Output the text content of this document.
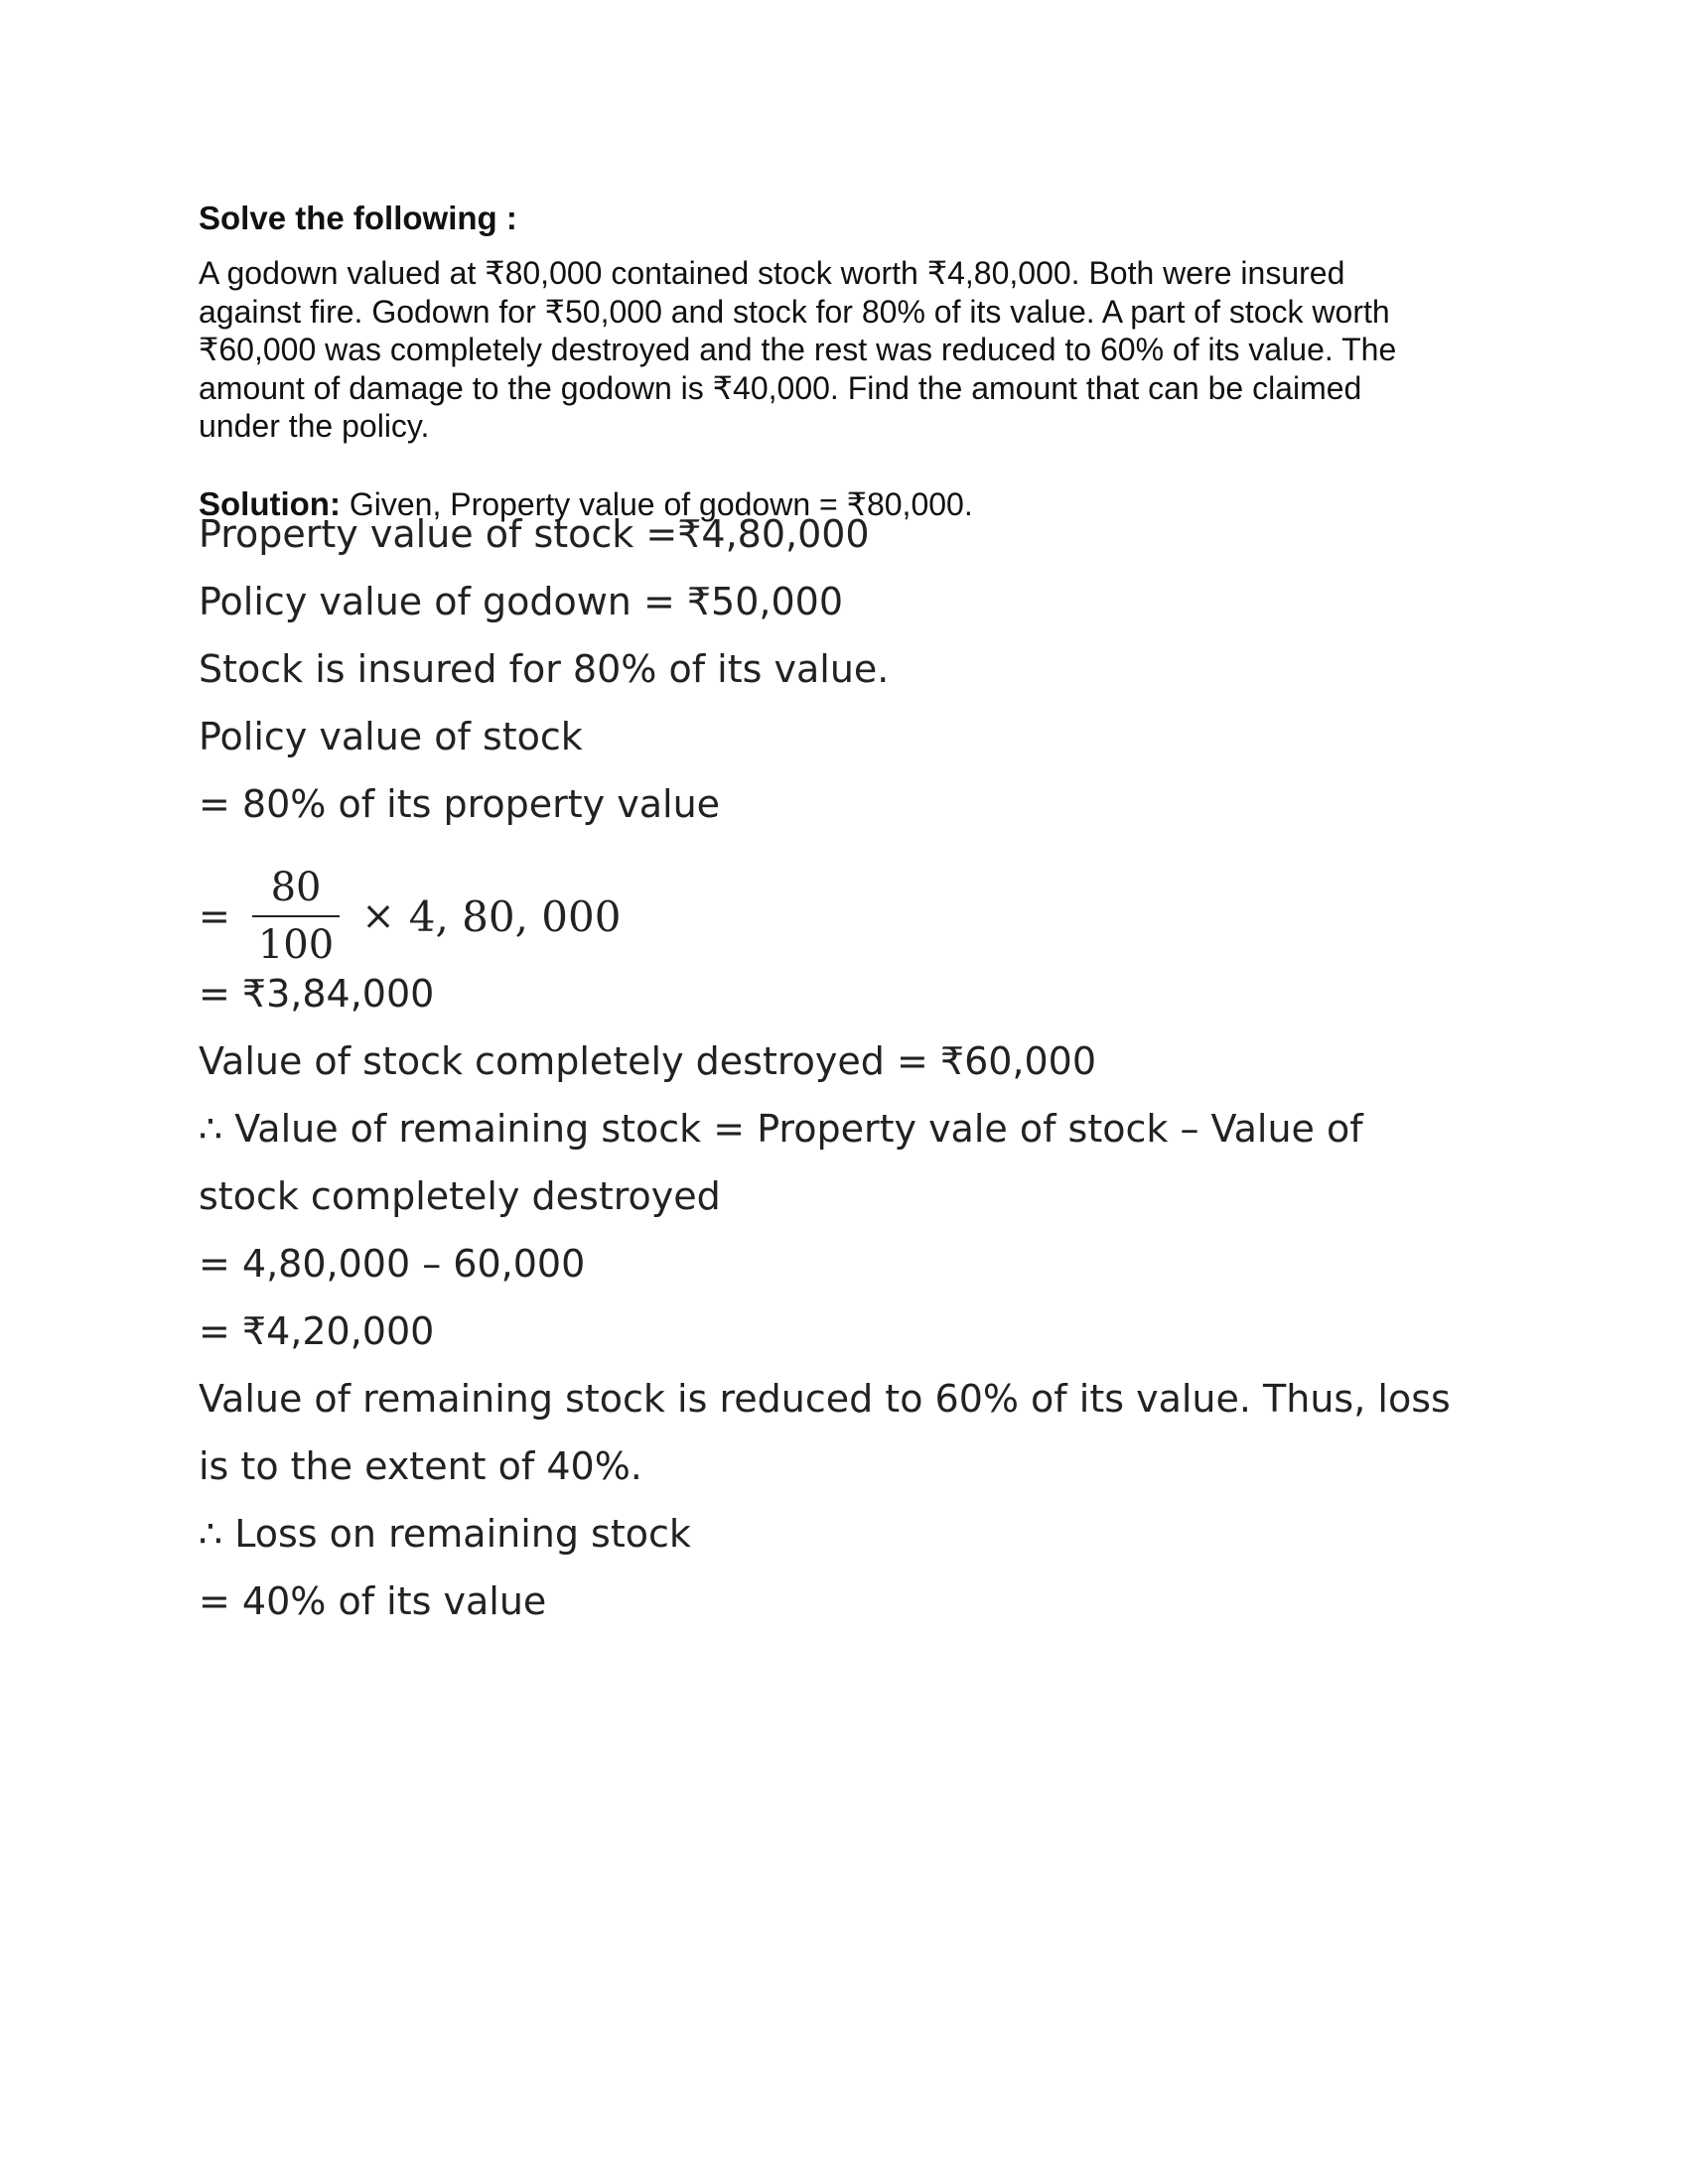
Solve the following :

A godown valued at ₹80,000 contained stock worth ₹4,80,000. Both were insured against fire. Godown for ₹50,000 and stock for 80% of its value. A part of stock worth ₹60,000 was completely destroyed and the rest was reduced to 60% of its value. The amount of damage to the godown is ₹40,000. Find the amount that can be claimed under the policy.

Solution: Given, Property value of godown = ₹80,000.

Property value of stock =₹4,80,000

Policy value of godown = ₹50,000

Stock is insured for 80% of its value.

Policy value of stock

= 80% of its property value

= $\frac{80}{100} \times 4$, 80, 000

= ₹3,84,000

Value of stock completely destroyed = ₹60,000

∴ Value of remaining stock = Property vale of stock – Value of

stock completely destroyed

= 4,80,000 – 60,000

= ₹4,20,000

Value of remaining stock is reduced to 60% of its value. Thus, loss

is to the extent of 40%.

∴ Loss on remaining stock

= 40% of its value
